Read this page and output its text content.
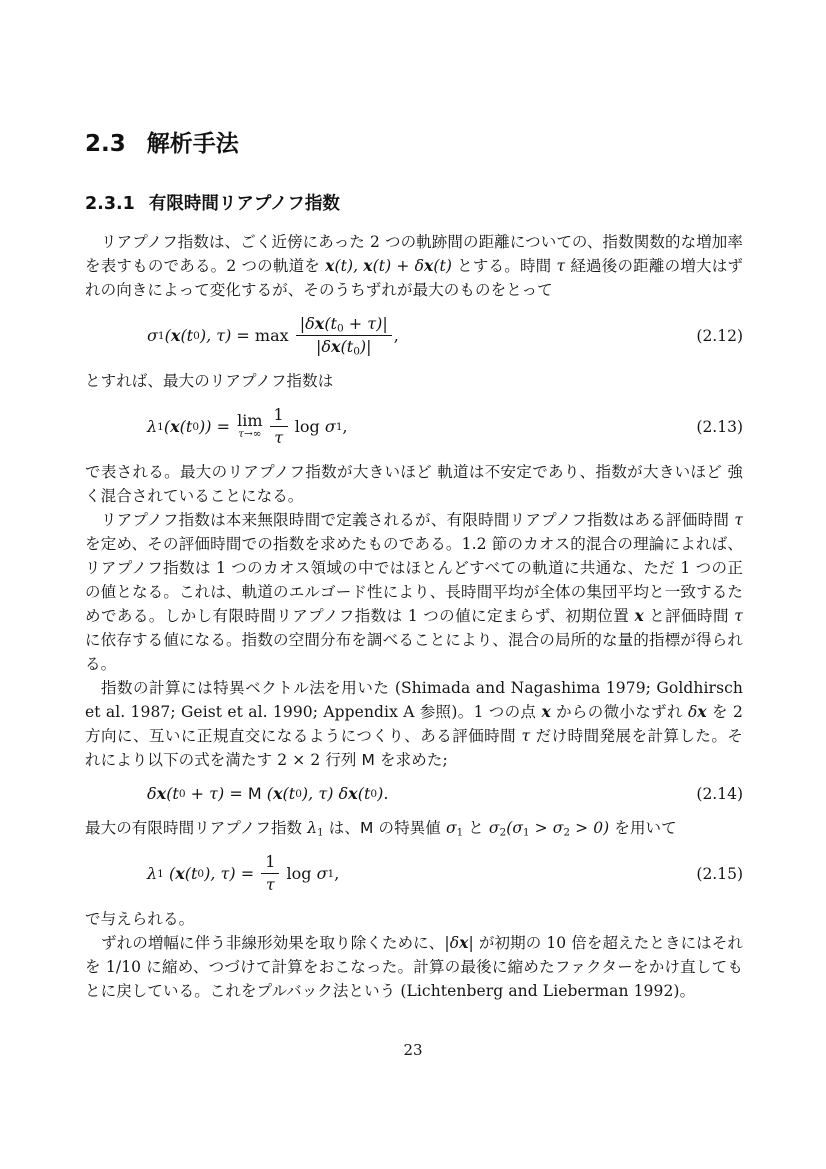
2.3 解析手法
2.3.1 有限時間リアプノフ指数

リアプノフ指数は、ごく近傍にあった 2 つの軌跡間の距離についての、指数関数的な増加率を表すものである。2 つの軌道を x(t), x(t) + δx(t) とする。時間 τ 経過後の距離の増大はずれの向きによって変化するが、そのうちずれが最大のものをとって

σ 1 ( x (t 0 ), $\tau) = \max \frac{|\delta x(t_0 + \tau)|}{|\delta x(t_0)|}$ ,	(2.12)

とすれば、最大のリアプノフ指数は

λ 1 ( x (t 0 )) = lim
$\tau\to\infty \frac{1}{\tau}$ log σ 1 ,	(2.13)

で表される。最大のリアプノフ指数が大きいほど 軌道は不安定であり、指数が大きいほど 強く混合されていることになる。

リアプノフ指数は本来無限時間で定義されるが、有限時間リアプノフ指数はある評価時間 τ を定め、その評価時間での指数を求めたものである。1.2 節のカオス的混合の理論によれば、リアプノフ指数は 1 つのカオス領域の中ではほとんどすべての軌道に共通な、ただ 1 つの正の値となる。これは、軌道のエルゴード性により、長時間平均が全体の集団平均と一致するためである。しかし有限時間リアプノフ指数は 1 つの値に定まらず、初期位置 x と評価時間 τ に依存する値になる。指数の空間分布を調べることにより、混合の局所的な量的指標が得られる。

指数の計算には特異ベクトル法を用いた (Shimada and Nagashima 1979; Goldhirsch et al. 1987; Geist et al. 1990; Appendix A 参照)。1 つの点 x からの微小なずれ δx を 2 方向に、互いに正規直交になるようにつくり、ある評価時間 τ だけ時間発展を計算した。それにより以下の式を満たす 2 × 2 行列 M を求めた;

δ x (t 0 + τ) = M ( x (t 0 ), τ) δ x (t 0 ) .	(2.14)

最大の有限時間リアプノフ指数 $\lambda_1$ は、M の特異値 $\sigma_1$ と $\sigma_2(\sigma_1 > \sigma_2 > 0)$ を用いて

λ 1 ( x (t 0 ), $\tau) = \frac{1}{\tau}$ log σ 1 ,	(2.15)

で与えられる。

ずれの増幅に伴う非線形効果を取り除くために、|δx| が初期の 10 倍を超えたときにはそれを 1/10 に縮め、つづけて計算をおこなった。計算の最後に縮めたファクターをかけ直してもとに戻している。これをプルバック法という (Lichtenberg and Lieberman 1992)。

23
